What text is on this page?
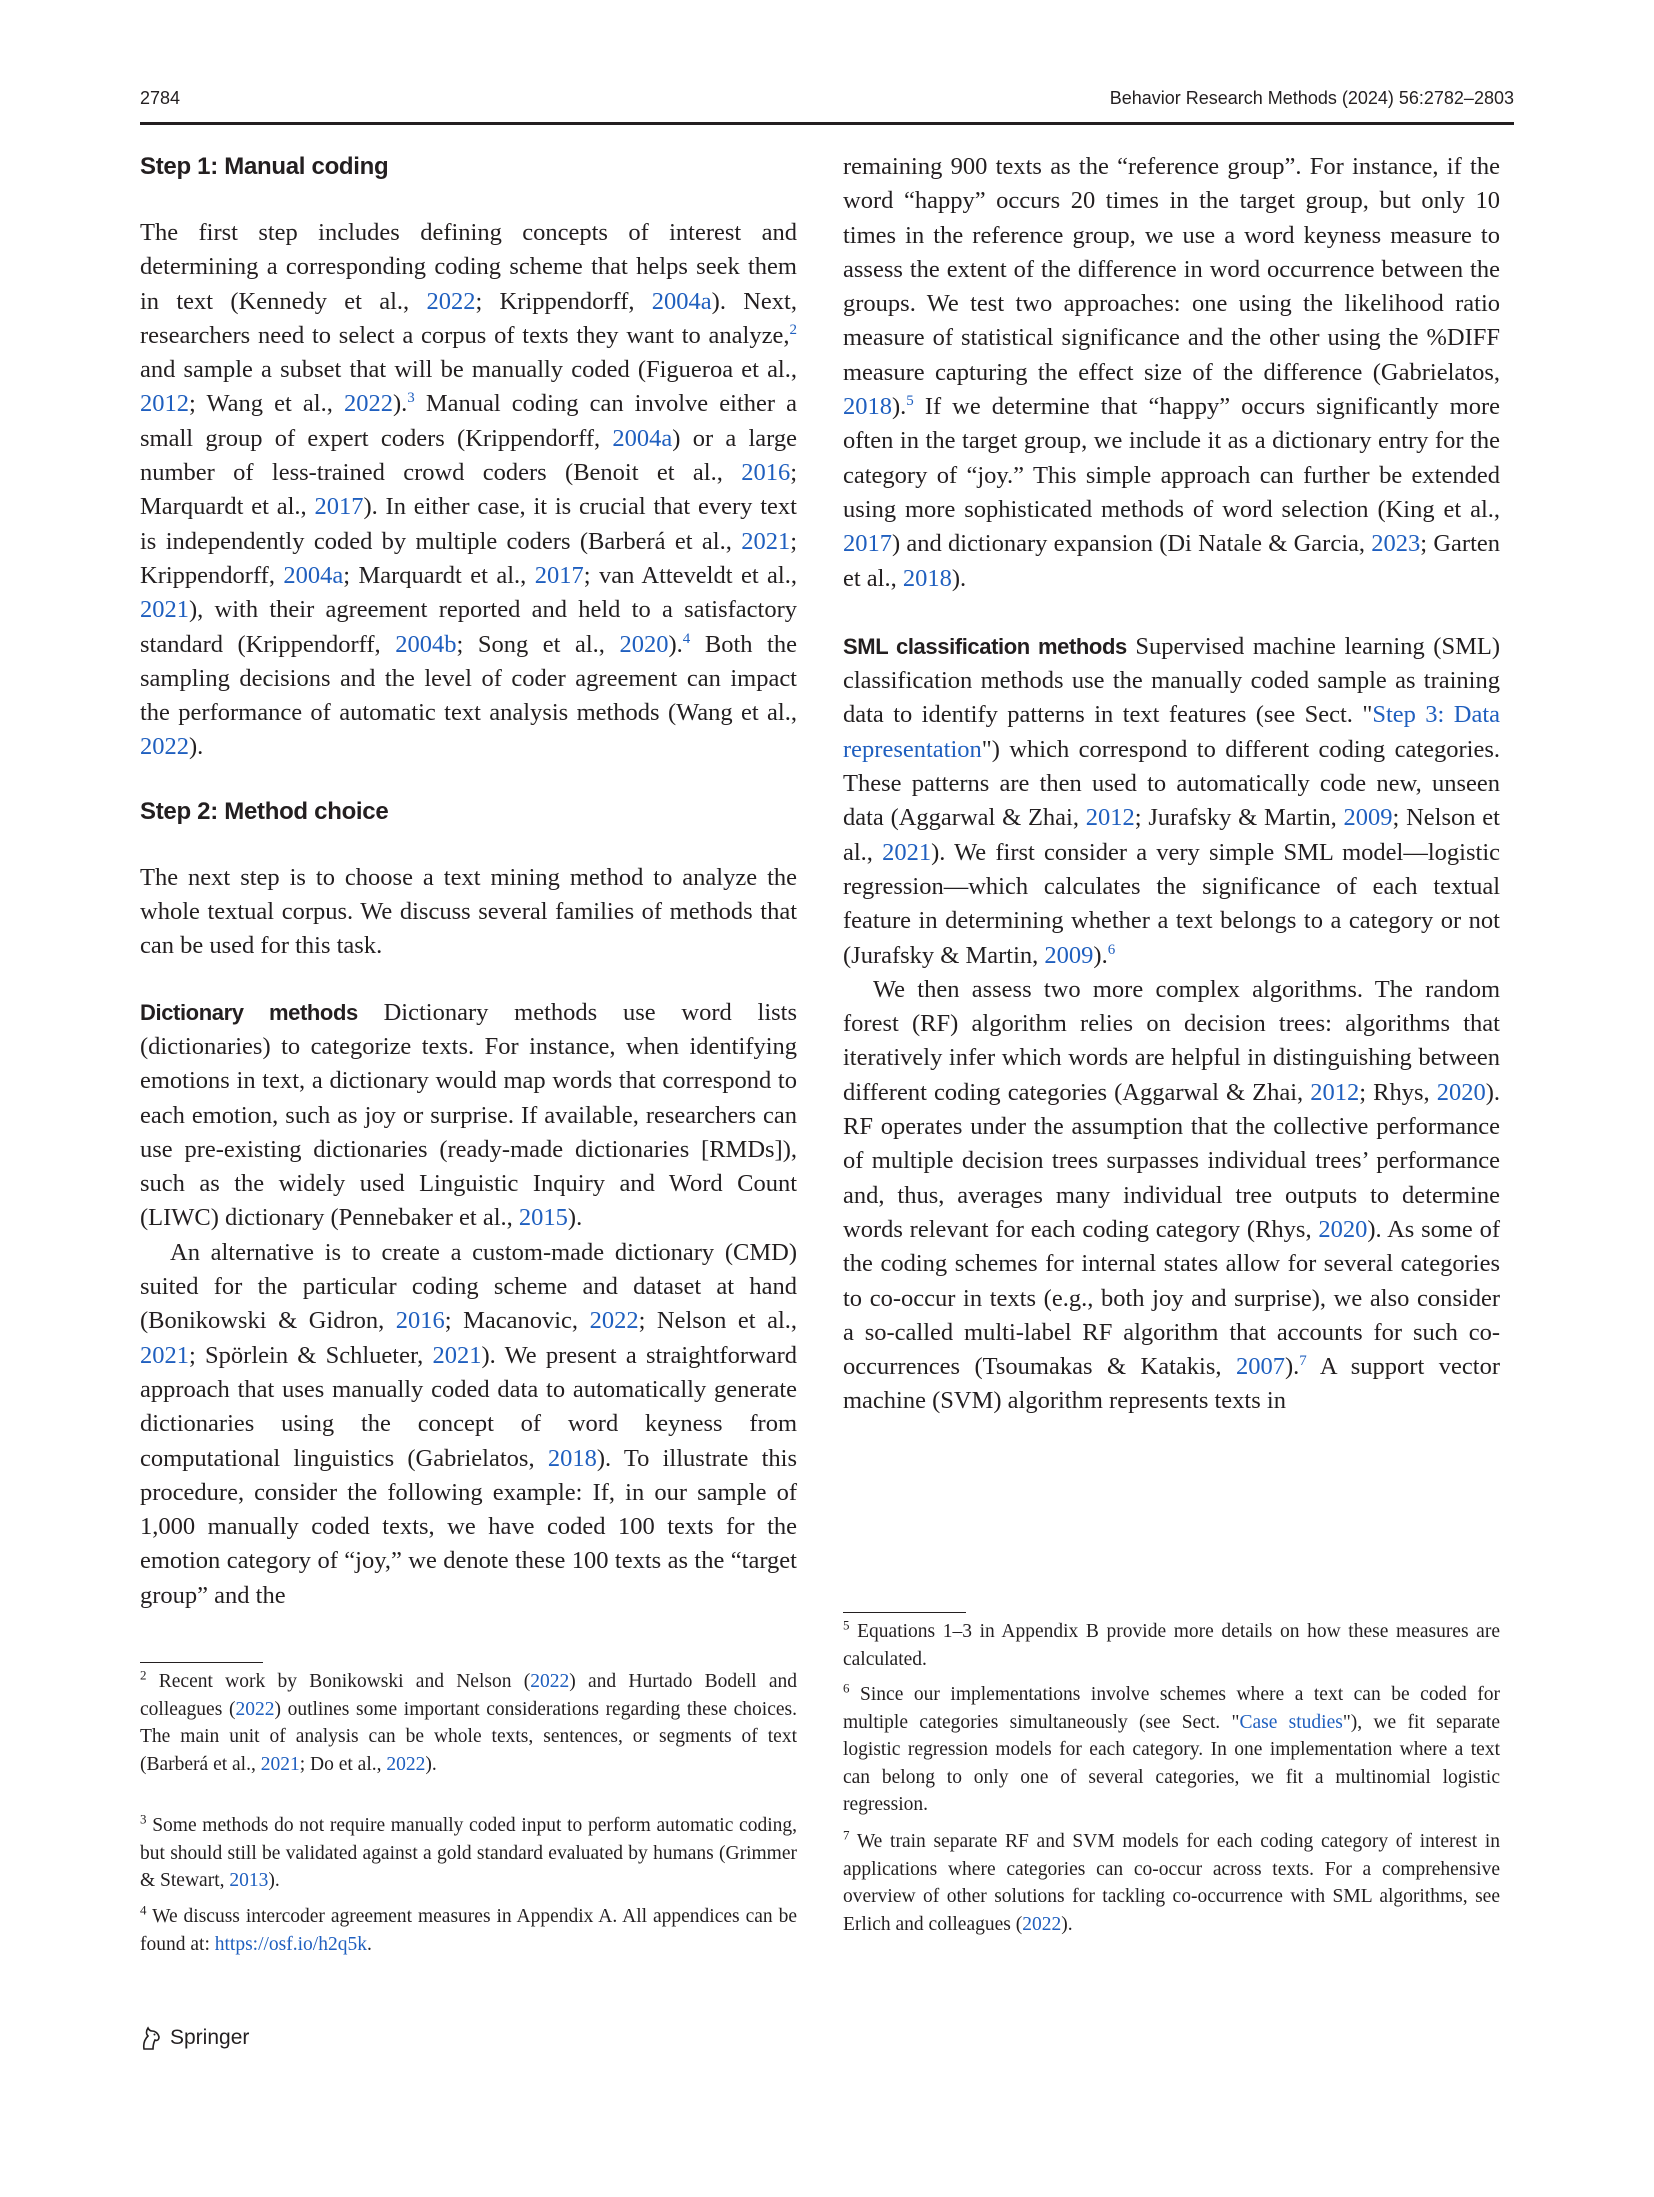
2784	Behavior Research Methods (2024) 56:2782–2803
Step 1: Manual coding

The first step includes defining concepts of interest and determining a corresponding coding scheme that helps seek them in text (Kennedy et al., 2022; Krippendorff, 2004a). Next, researchers need to select a corpus of texts they want to analyze,$^2$ and sample a subset that will be manually coded (Figueroa et al., 2012; Wang et al., 2022).$^3$ Manual coding can involve either a small group of expert coders (Krippendorff, 2004a) or a large number of less-trained crowd coders (Benoit et al., 2016; Marquardt et al., 2017). In either case, it is crucial that every text is independently coded by multiple coders (Barberá et al., 2021; Krippendorff, 2004a; Marquardt et al., 2017; van Atteveldt et al., 2021), with their agreement reported and held to a satisfactory standard (Krippendorff, 2004b; Song et al., 2020).$^4$ Both the sampling decisions and the level of coder agreement can impact the performance of automatic text analysis methods (Wang et al., 2022).

Step 2: Method choice

The next step is to choose a text mining method to analyze the whole textual corpus. We discuss several families of methods that can be used for this task.

Dictionary methods Dictionary methods use word lists (dictionaries) to categorize texts. For instance, when identifying emotions in text, a dictionary would map words that correspond to each emotion, such as joy or surprise. If available, researchers can use pre-existing dictionaries (ready-made dictionaries [RMDs]), such as the widely used Linguistic Inquiry and Word Count (LIWC) dictionary (Pennebaker et al., 2015).

An alternative is to create a custom-made dictionary (CMD) suited for the particular coding scheme and dataset at hand (Bonikowski & Gidron, 2016; Macanovic, 2022; Nelson et al., 2021; Spörlein & Schlueter, 2021). We present a straightforward approach that uses manually coded data to automatically generate dictionaries using the concept of word keyness from computational linguistics (Gabrielatos, 2018). To illustrate this procedure, consider the following example: If, in our sample of 1,000 manually coded texts, we have coded 100 texts for the emotion category of “joy,” we denote these 100 texts as the “target group” and the

$^2$ Recent work by Bonikowski and Nelson (2022) and Hurtado Bodell and colleagues (2022) outlines some important considerations regarding these choices. The main unit of analysis can be whole texts, sentences, or segments of text (Barberá et al., 2021; Do et al., 2022).

$^3$ Some methods do not require manually coded input to perform automatic coding, but should still be validated against a gold standard evaluated by humans (Grimmer & Stewart, 2013).

$^4$ We discuss intercoder agreement measures in Appendix A. All appendices can be found at: https://osf.io/h2q5k.

remaining 900 texts as the “reference group”. For instance, if the word “happy” occurs 20 times in the target group, but only 10 times in the reference group, we use a word keyness measure to assess the extent of the difference in word occurrence between the groups. We test two approaches: one using the likelihood ratio measure of statistical significance and the other using the %DIFF measure capturing the effect size of the difference (Gabrielatos, 2018).$^5$ If we determine that “happy” occurs significantly more often in the target group, we include it as a dictionary entry for the category of “joy.” This simple approach can further be extended using more sophisticated methods of word selection (King et al., 2017) and dictionary expansion (Di Natale & Garcia, 2023; Garten et al., 2018).

SML classification methods Supervised machine learning (SML) classification methods use the manually coded sample as training data to identify patterns in text features (see Sect. "Step 3: Data representation") which correspond to different coding categories. These patterns are then used to automatically code new, unseen data (Aggarwal & Zhai, 2012; Jurafsky & Martin, 2009; Nelson et al., 2021). We first consider a very simple SML model—logistic regression—which calculates the significance of each textual feature in determining whether a text belongs to a category or not (Jurafsky & Martin, 2009).$^6$

We then assess two more complex algorithms. The random forest (RF) algorithm relies on decision trees: algorithms that iteratively infer which words are helpful in distinguishing between different coding categories (Aggarwal & Zhai, 2012; Rhys, 2020). RF operates under the assumption that the collective performance of multiple decision trees surpasses individual trees’ performance and, thus, averages many individual tree outputs to determine words relevant for each coding category (Rhys, 2020). As some of the coding schemes for internal states allow for several categories to co-occur in texts (e.g., both joy and surprise), we also consider a so-called multi-label RF algorithm that accounts for such co-occurrences (Tsoumakas & Katakis, 2007).$^7$ A support vector machine (SVM) algorithm represents texts in

$^5$ Equations 1–3 in Appendix B provide more details on how these measures are calculated.

$^6$ Since our implementations involve schemes where a text can be coded for multiple categories simultaneously (see Sect. "Case studies"), we fit separate logistic regression models for each category. In one implementation where a text can belong to only one of several categories, we fit a multinomial logistic regression.

$^7$ We train separate RF and SVM models for each coding category of interest in applications where categories can co-occur across texts. For a comprehensive overview of other solutions for tackling co-occurrence with SML algorithms, see Erlich and colleagues (2022).

Springer
